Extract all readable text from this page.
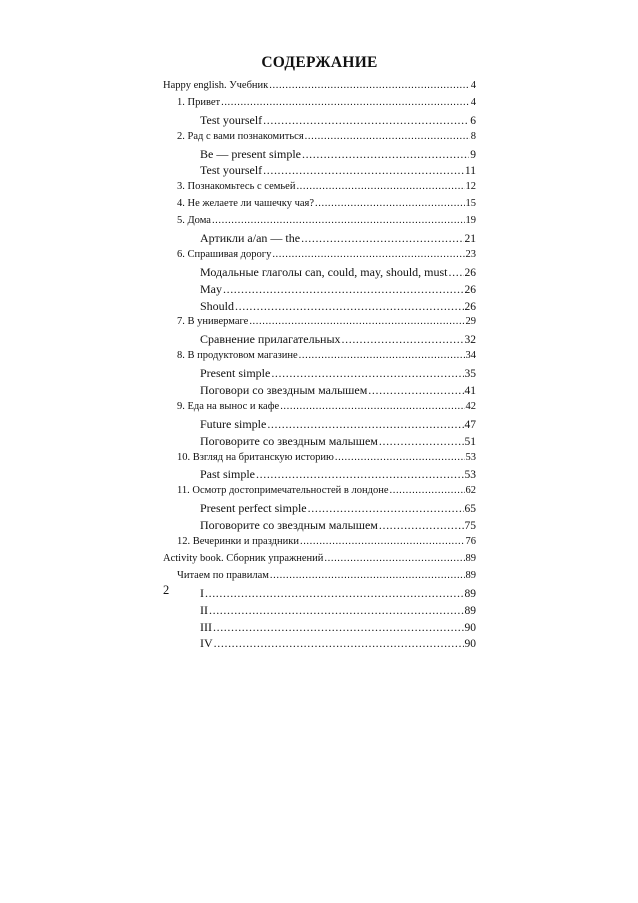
СОДЕРЖАНИЕ
Happy english. Учебник .....	4
1. Привет .....	4
Test yourself .....	6
2. Рад с вами познакомиться .....	8
Be — present simple .....	9
Test yourself .....	11
3. Познакомьтесь с семьей .....	12
4. Не желаете ли чашечку чая? .....	15
5. Дома .....	19
Артикли a/an — the .....	21
6. Спрашивая дорогу .....	23
Модальные глаголы can, could, may, should, must ..... 26
May .....	26
Should .....	26
7. В универмаге .....	29
Сравнение прилагательных .....	32
8. В продуктовом магазине .....	34
Present simple .....	35
Поговори со звездным малышем .....	41
9. Еда на вынос и кафе .....	42
Future simple .....	47
Поговорите со звездным малышем .....	51
10. Взгляд на британскую историю .....	53
Past simple .....	53
11. Осмотр достопримечательностей в лондоне .....	62
Present perfect simple .....	65
Поговорите со звездным малышем .....	75
12. Вечеринки и праздники .....	76
Activity book. Сборник упражнений .....	89
Читаем по правилам .....	89
I .....	89
II .....	89
III .....	90
IV .....	90
2
